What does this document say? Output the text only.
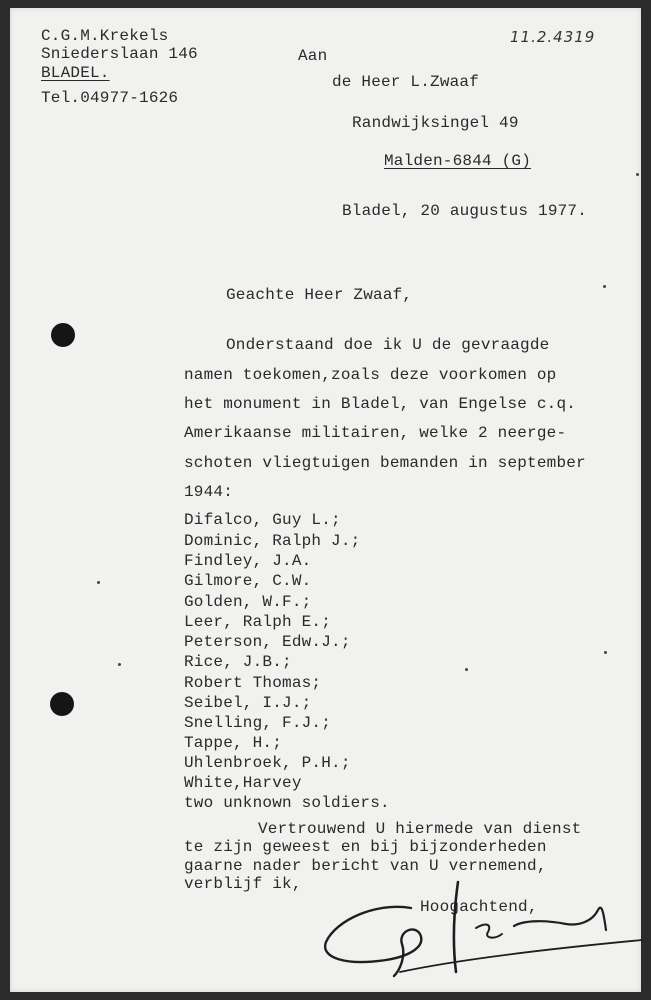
11.2.4319
C.G.M.Krekels
Sniederslaan 146
BLADEL.
Tel.04977-1626
Aan
de Heer L.Zwaaf
Randwijksingel 49
Malden-6844 (G)
Bladel, 20 augustus 1977.
Geachte Heer Zwaaf,
Onderstaand doe ik U de gevraagde
namen toekomen,zoals deze voorkomen op
het monument in Bladel, van Engelse c.q.
Amerikaanse militairen, welke 2 neerge-
schoten vliegtuigen bemanden in september
1944:
Difalco, Guy L.;
Dominic, Ralph J.;
Findley, J.A.
Gilmore, C.W.
Golden, W.F.;
Leer, Ralph E.;
Peterson, Edw.J.;
Rice, J.B.;
Robert Thomas;
Seibel, I.J.;
Snelling, F.J.;
Tappe, H.;
Uhlenbroek, P.H.;
White,Harvey
two unknown soldiers.
Vertrouwend U hiermede van dienst
te zijn geweest en bij bijzonderheden
gaarne nader bericht van U vernemend,
verblijf ik,
Hoogachtend,
